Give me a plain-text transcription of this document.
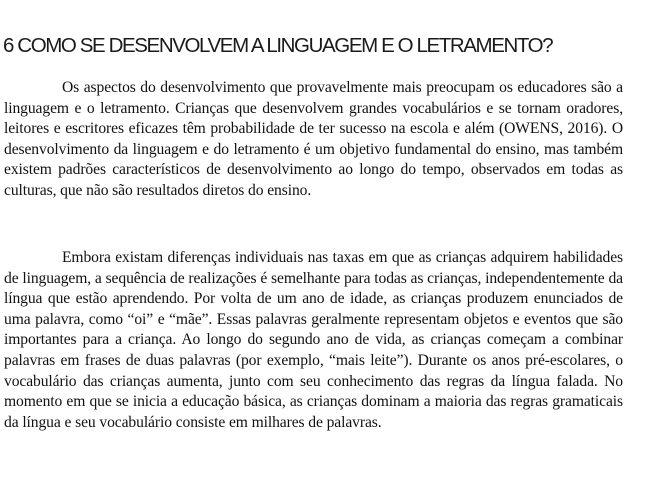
6 COMO SE DESENVOLVEM A LINGUAGEM E O LETRAMENTO?

Os aspectos do desenvolvimento que provavelmente mais preocupam os educadores são a linguagem e o letramento. Crianças que desenvolvem grandes vocabulários e se tornam oradores, leitores e escritores eficazes têm probabilidade de ter sucesso na escola e além (OWENS, 2016). O desenvolvimento da linguagem e do letramento é um objetivo fundamental do ensino, mas também existem padrões característicos de desenvolvimento ao longo do tempo, observados em todas as culturas, que não são resultados diretos do ensino.

Embora existam diferenças individuais nas taxas em que as crianças adquirem habilidades de linguagem, a sequência de realizações é semelhante para todas as crianças, independentemente da língua que estão aprendendo. Por volta de um ano de idade, as crianças produzem enunciados de uma palavra, como “oi” e “mãe”. Essas palavras geralmente representam objetos e eventos que são importantes para a criança. Ao longo do segundo ano de vida, as crianças começam a combinar palavras em frases de duas palavras (por exemplo, “mais leite”). Durante os anos pré-escolares, o vocabulário das crianças aumenta, junto com seu conhecimento das regras da língua falada. No momento em que se inicia a educação básica, as crianças dominam a maioria das regras gramaticais da língua e seu vocabulário consiste em milhares de palavras.
